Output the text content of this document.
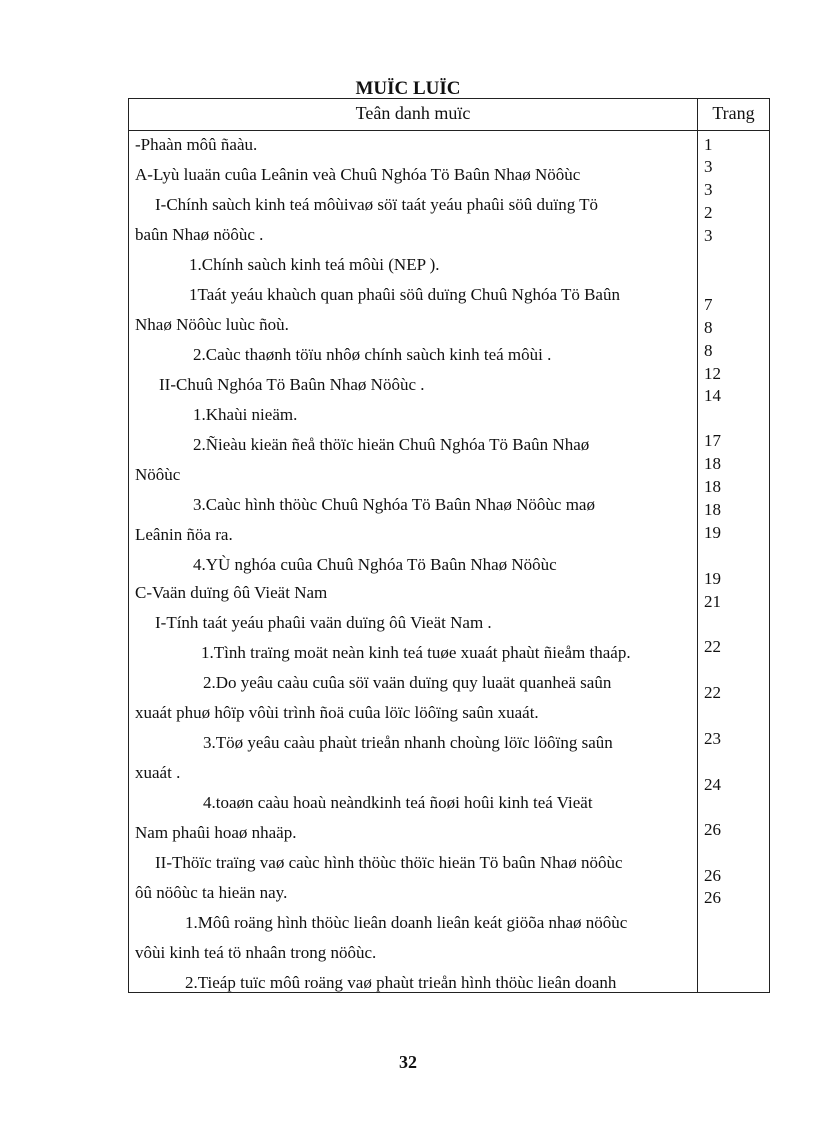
MUÏC LUÏC
Teân danh muïc	Trang
-Phaàn môû ñaàu.
A-Lyù luaän cuûa Leânin veà Chuû Nghóa Tö Baûn Nhaø Nöôùc
I-Chính saùch kinh teá môùivaø söï taát yeáu phaûi söû duïng Tö
baûn Nhaø nöôùc .
1.Chính saùch kinh teá môùi (NEP ).
1Taát yeáu khaùch quan phaûi söû duïng Chuû Nghóa Tö Baûn
Nhaø Nöôùc luùc ñoù.
2.Caùc thaønh töïu nhôø chính saùch kinh teá môùi .
II-Chuû Nghóa Tö Baûn Nhaø Nöôùc .
1.Khaùi nieäm.
2.Ñieàu kieän ñeå thöïc hieän Chuû Nghóa Tö Baûn Nhaø
Nöôùc
3.Caùc hình thöùc Chuû Nghóa Tö Baûn Nhaø Nöôùc maø
Leânin ñöa ra.
4.YÙ nghóa cuûa Chuû Nghóa Tö Baûn Nhaø Nöôùc
C-Vaän duïng ôû Vieät Nam
I-Tính taát yeáu phaûi vaän duïng ôû Vieät Nam .
1.Tình traïng moät neàn kinh teá tuøe xuaát phaùt ñieåm thaáp.
2.Do yeâu caàu cuûa söï vaän duïng quy luaät quanheä saûn
xuaát phuø hôïp vôùi trình ñoä cuûa löïc löôïng saûn xuaát.
3.Töø yeâu caàu phaùt trieån nhanh choùng löïc löôïng saûn
xuaát .
4.toaøn caàu hoaù neàndkinh teá ñoøi hoûi kinh teá Vieät
Nam phaûi hoaø nhaäp.
II-Thöïc traïng vaø caùc hình thöùc thöïc hieän Tö baûn Nhaø nöôùc
ôû nöôùc ta hieän nay.
1.Môû roäng hình thöùc lieân doanh lieân keát giöõa nhaø nöôùc
vôùi kinh teá tö nhaân trong nöôùc.
2.Tieáp tuïc môû roäng vaø phaùt trieån hình thöùc lieân doanh
1
3
3
2
3
7
8
8
12
14
17
18
18
18
19
19
21
22
22
23
24
26
26
26
32
